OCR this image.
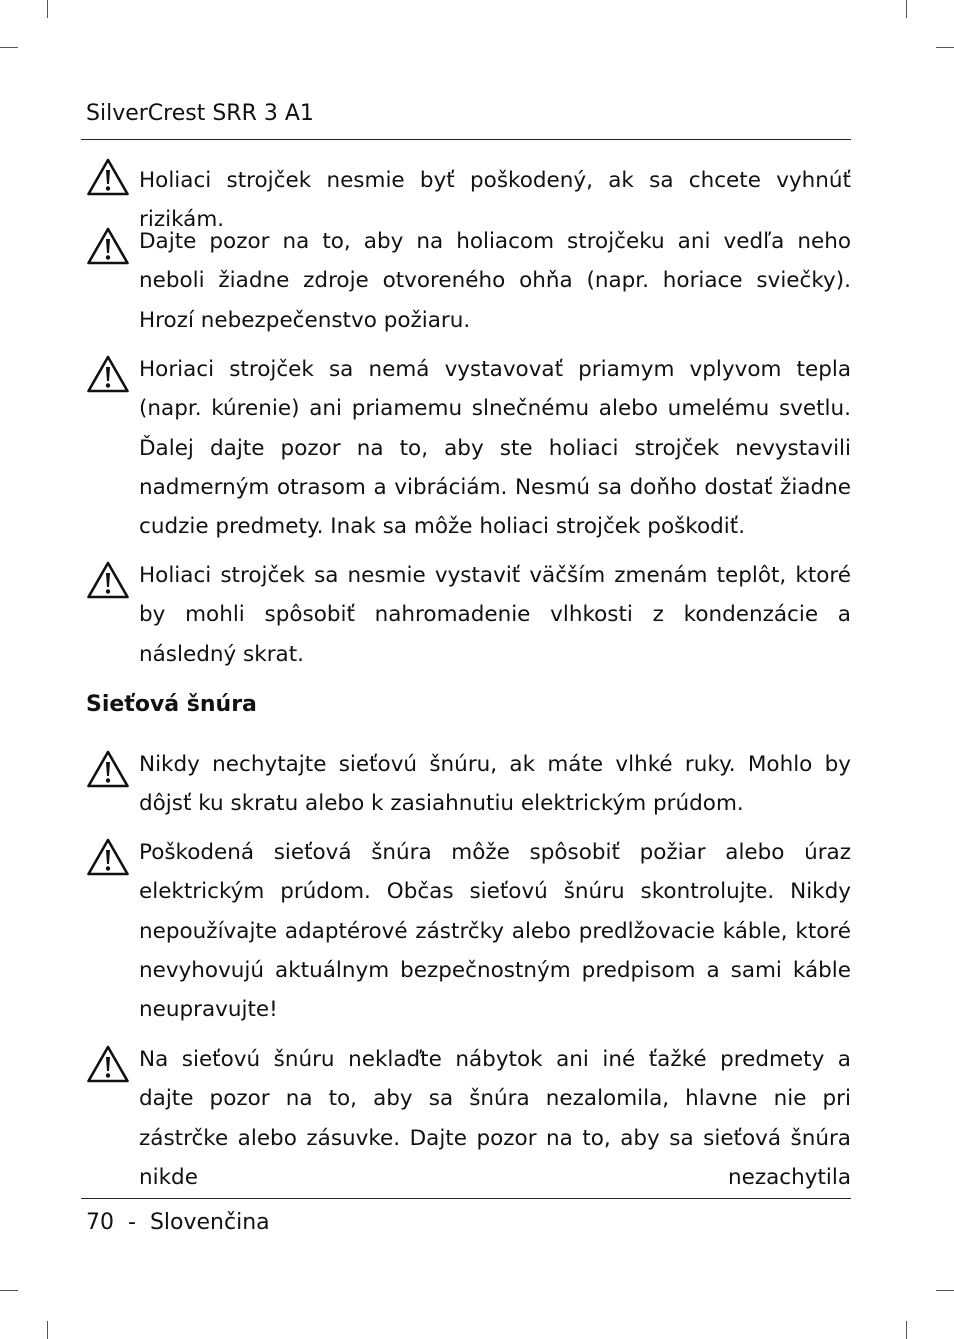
SilverCrest SRR 3 A1
Holiaci strojček nesmie byť poškodený, ak sa chcete vyhnúť rizikám.
Dajte pozor na to, aby na holiacom strojčeku ani vedľa neho neboli žiadne zdroje otvoreného ohňa (napr. horiace sviečky). Hrozí nebezpečenstvo požiaru.
Horiaci strojček sa nemá vystavovať priamym vplyvom tepla (napr. kúrenie) ani priamemu slnečnému alebo umelému svetlu. Ďalej dajte pozor na to, aby ste holiaci strojček nevystavili nadmerným otrasom a vibráciám. Nesmú sa doňho dostať žiadne cudzie predmety. Inak sa môže holiaci strojček poškodiť.
Holiaci strojček sa nesmie vystaviť väčším zmenám teplôt, ktoré by mohli spôsobiť nahromadenie vlhkosti z kondenzácie a následný skrat.
Sieťová šnúra
Nikdy nechytajte sieťovú šnúru, ak máte vlhké ruky. Mohlo by dôjsť ku skratu alebo k zasiahnutiu elektrickým prúdom.
Poškodená sieťová šnúra môže spôsobiť požiar alebo úraz elektrickým prúdom. Občas sieťovú šnúru skontrolujte. Nikdy nepoužívajte adaptérové zástrčky alebo predlžovacie káble, ktoré nevyhovujú aktuálnym bezpečnostným predpisom a sami káble neupravujte!
Na sieťovú šnúru neklaďte nábytok ani iné ťažké predmety a dajte pozor na to, aby sa šnúra nezalomila, hlavne nie pri zástrčke alebo zásuvke. Dajte pozor na to, aby sa sieťová šnúra nikde nezachytila
70 - Slovenčina
